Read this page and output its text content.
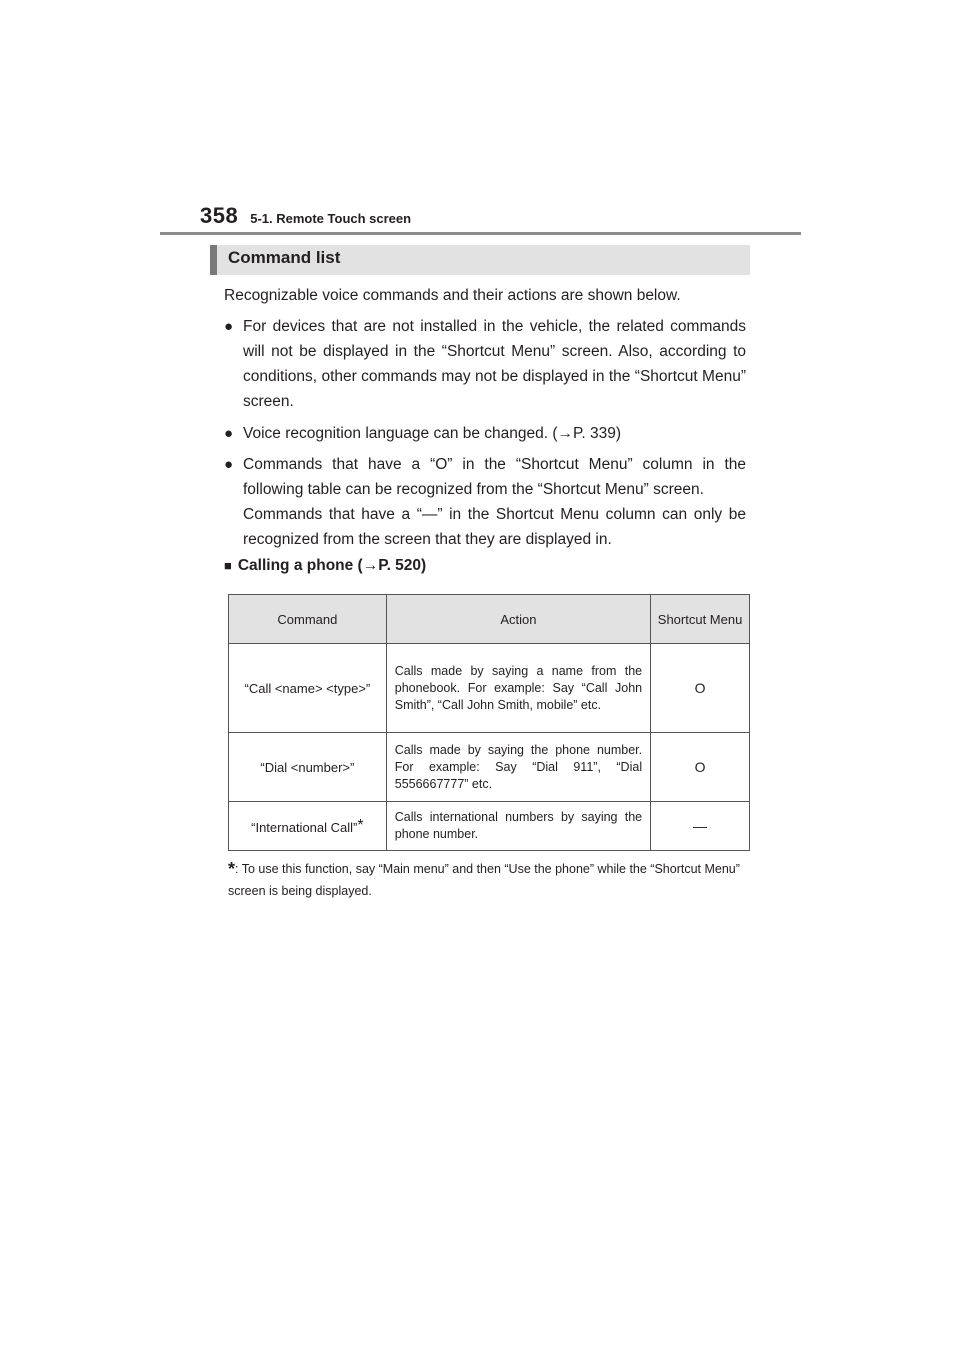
358 5-1. Remote Touch screen
Command list
Recognizable voice commands and their actions are shown below.
● For devices that are not installed in the vehicle, the related commands will not be displayed in the “Shortcut Menu” screen. Also, according to conditions, other commands may not be displayed in the “Shortcut Menu” screen.
● Voice recognition language can be changed. (→P. 339)
● Commands that have a “O” in the “Shortcut Menu” column in the following table can be recognized from the “Shortcut Menu” screen.

Commands that have a “—” in the Shortcut Menu column can only be recognized from the screen that they are displayed in.

■ Calling a phone (→P. 520)
Command	Action	Shortcut Menu
“Call <name> <type>”	Calls made by saying a name from the phonebook. For example: Say “Call John Smith”, “Call John Smith, mobile” etc.	O
“Dial <number>”	Calls made by saying the phone number. For example: Say “Dial 911”, “Dial 5556667777” etc.	O
“International Call”*	Calls international numbers by saying the phone number.	—
*: To use this function, say “Main menu” and then “Use the phone” while the “Shortcut Menu” screen is being displayed.
